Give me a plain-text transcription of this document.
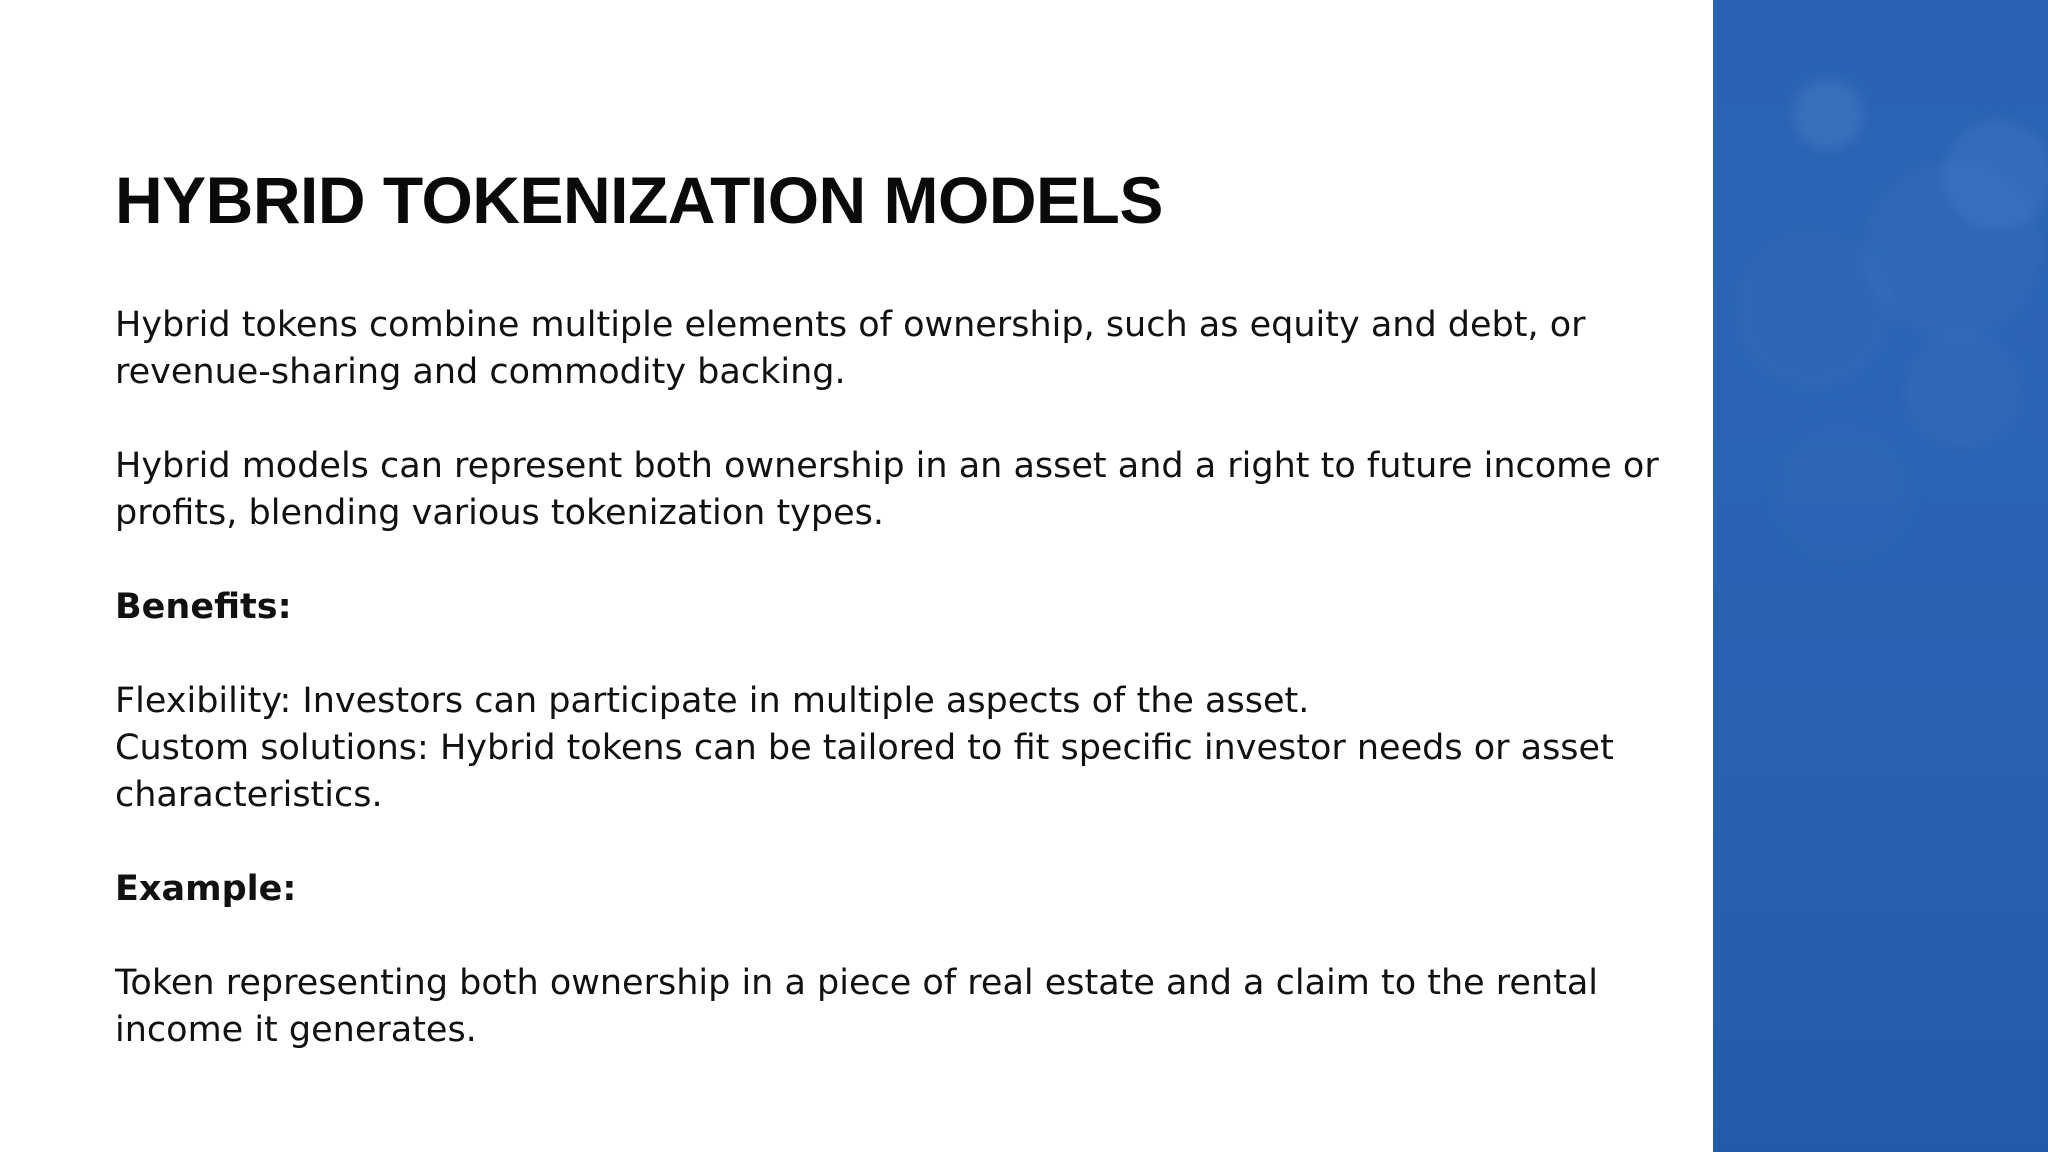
HYBRID TOKENIZATION MODELS

Hybrid tokens combine multiple elements of ownership, such as equity and debt, or revenue-sharing and commodity backing.

Hybrid models can represent both ownership in an asset and a right to future income or profits, blending various tokenization types.

Benefits:

Flexibility: Investors can participate in multiple aspects of the asset.

Custom solutions: Hybrid tokens can be tailored to fit specific investor needs or asset characteristics.

Example:

Token representing both ownership in a piece of real estate and a claim to the rental income it generates.
